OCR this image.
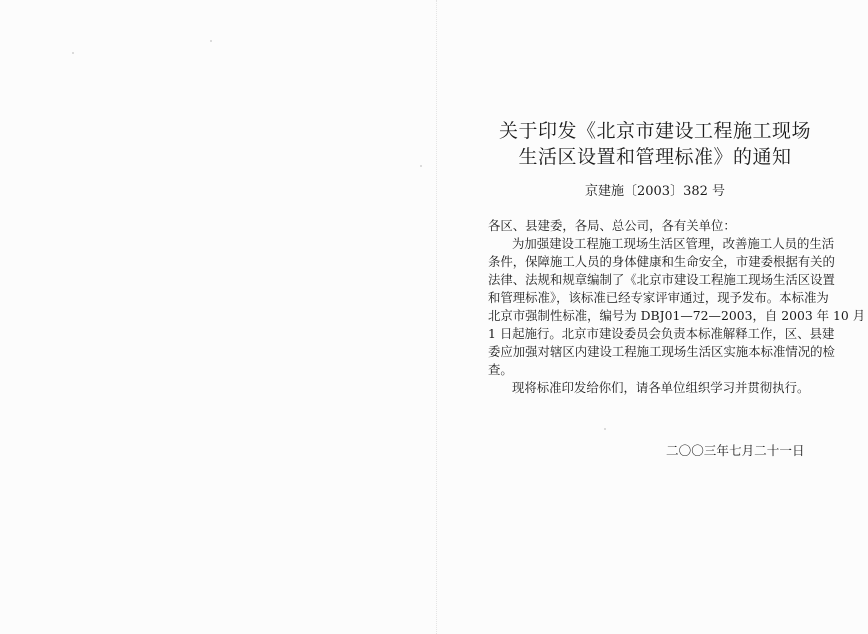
关于印发《北京市建设工程施工现场
生活区设置和管理标准》的通知
京建施〔2003〕382 号
各区、县建委，各局、总公司，各有关单位：
为加强建设工程施工现场生活区管理，改善施工人员的生活
条件，保障施工人员的身体健康和生命安全，市建委根据有关的
法律、法规和规章编制了《北京市建设工程施工现场生活区设置
和管理标准》，该标准已经专家评审通过，现予发布。本标准为
北京市强制性标准，编号为 DBJ01—72—2003，自 2003 年 10 月
1 日起施行。北京市建设委员会负责本标准解释工作，区、县建
委应加强对辖区内建设工程施工现场生活区实施本标准情况的检
查。
现将标准印发给你们，请各单位组织学习并贯彻执行。
二〇〇三年七月二十一日
